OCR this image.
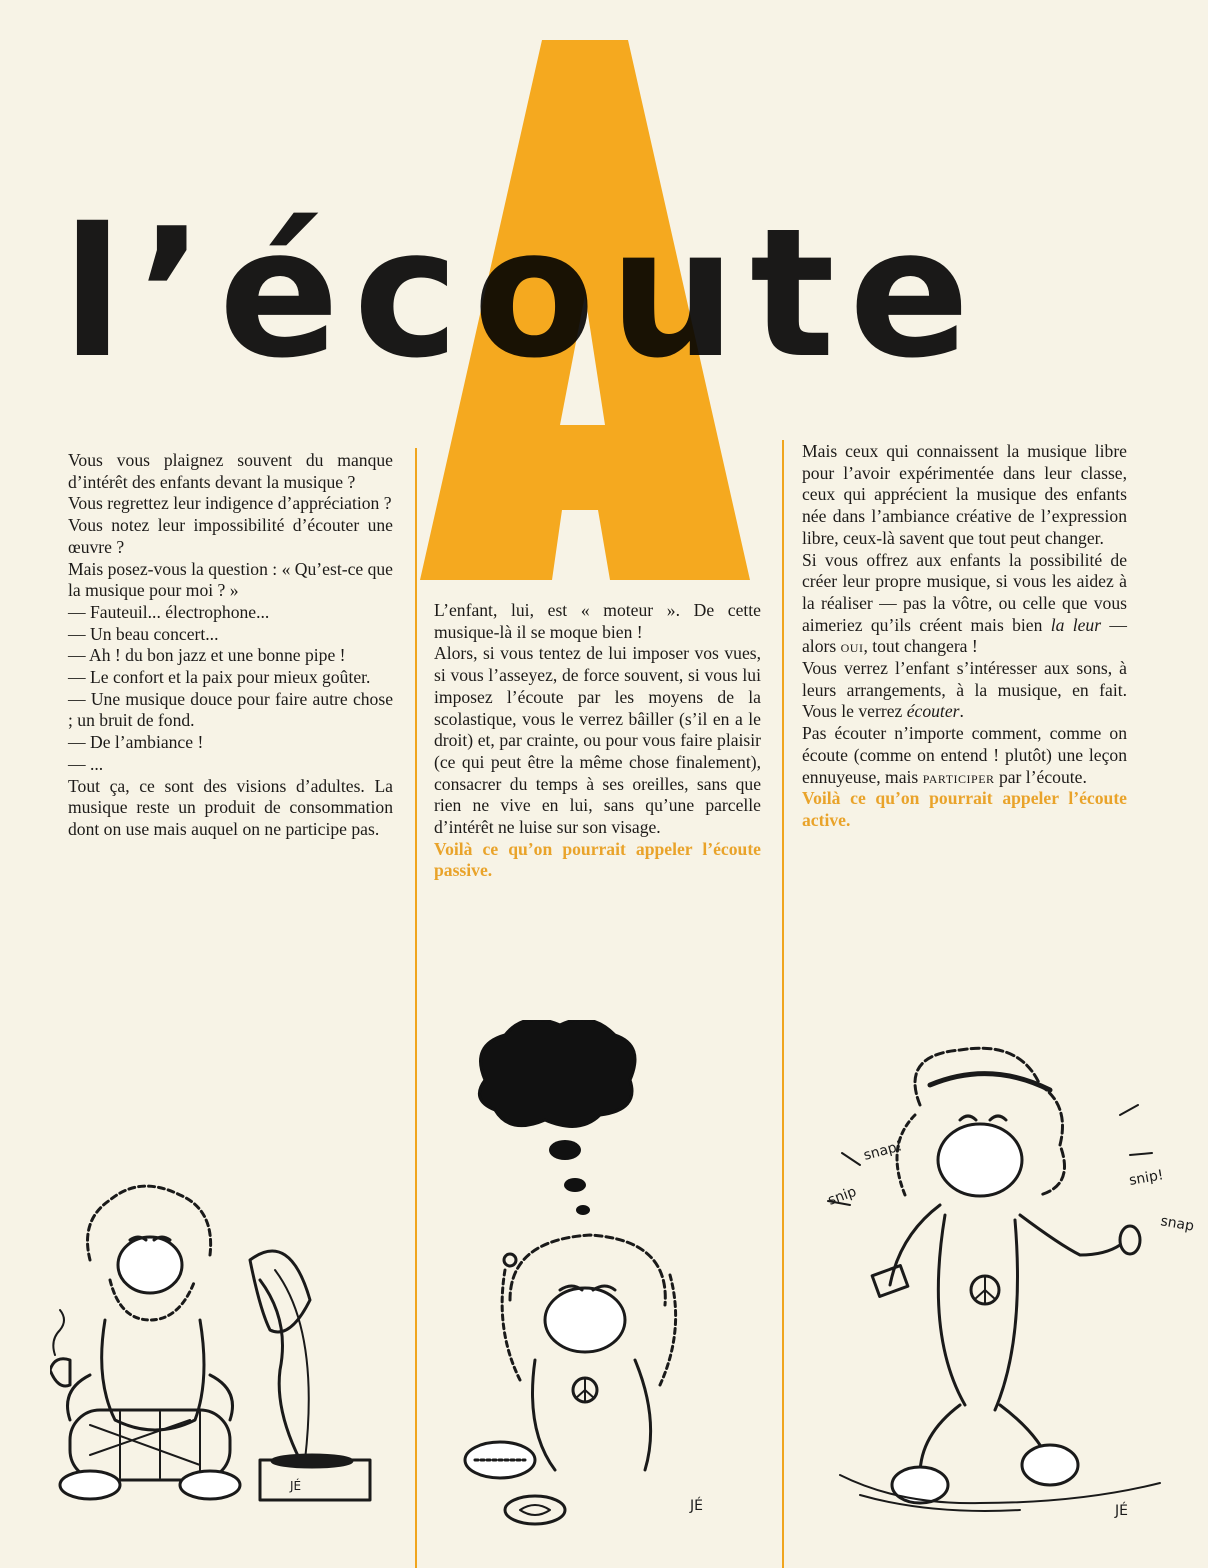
l’écoute

Vous vous plaignez souvent du manque d’intérêt des enfants devant la musique ?

Vous regrettez leur indigence d’appréciation ?

Vous notez leur impossibilité d’écouter une œuvre ?

Mais posez-vous la question : « Qu’est-ce que la musique pour moi ? »

— Fauteuil... électrophone...

— Un beau concert...

— Ah ! du bon jazz et une bonne pipe !

— Le confort et la paix pour mieux goûter.

— Une musique douce pour faire autre chose ; un bruit de fond.

— De l’ambiance !

— ...

Tout ça, ce sont des visions d’adultes. La musique reste un produit de consommation dont on use mais auquel on ne participe pas.

L’enfant, lui, est « moteur ». De cette musique-là il se moque bien !

Alors, si vous tentez de lui imposer vos vues, si vous l’asseyez, de force souvent, si vous lui imposez l’écoute par les moyens de la scolastique, vous le verrez bâiller (s’il en a le droit) et, par crainte, ou pour vous faire plaisir (ce qui peut être la même chose finalement), consacrer du temps à ses oreilles, sans que rien ne vive en lui, sans qu’une parcelle d’intérêt ne luise sur son visage.

Voilà ce qu’on pourrait appeler l’écoute passive.

Mais ceux qui connaissent la musique libre pour l’avoir expérimentée dans leur classe, ceux qui apprécient la musique des enfants née dans l’ambiance créative de l’expression libre, ceux-là savent que tout peut changer.

Si vous offrez aux enfants la possibilité de créer leur propre musique, si vous les aidez à la réaliser — pas la vôtre, ou celle que vous aimeriez qu’ils créent mais bien la leur — alors oui, tout changera !

Vous verrez l’enfant s’intéresser aux sons, à leurs arrangements, à la musique, en fait. Vous le verrez écouter.

Pas écouter n’importe comment, comme on écoute (comme on entend ! plutôt) une leçon ennuyeuse, mais participer par l’écoute.

Voilà ce qu’on pourrait appeler l’écoute active.

JÉ
JÉ
snip
snap!
snip!
snap
JÉ
